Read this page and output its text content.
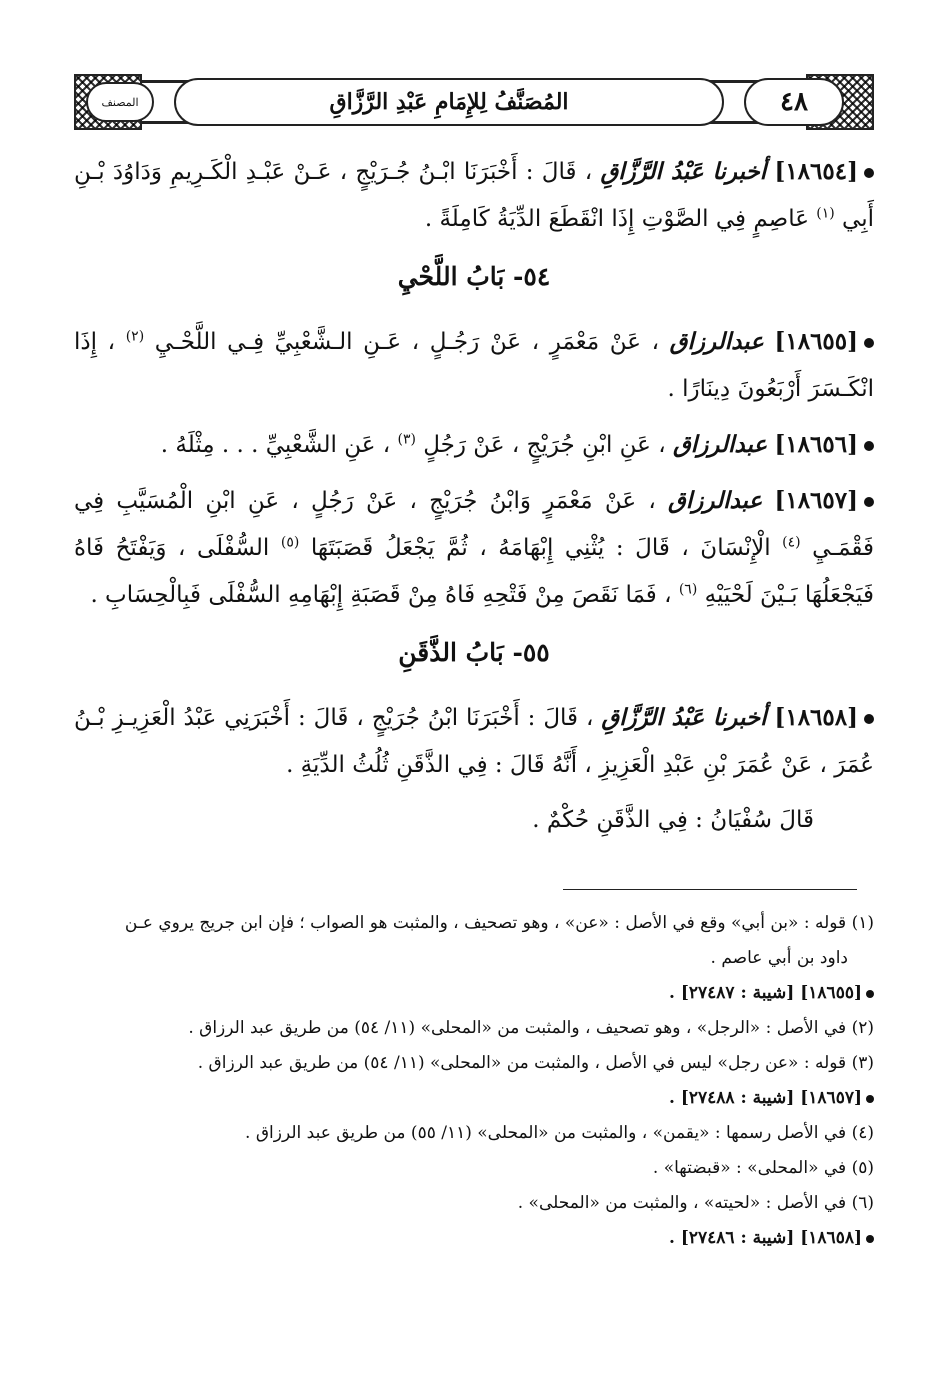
المصنف	المُصَنَّفُ لِلإِمَامِ عَبْدِ الرَّزَّاقِ	٤٨

[١٨٦٥٤] أخبرنا عَبْدُ الرَّزَّاقِ ، قَالَ : أَخْبَرَنَا ابْـنُ جُـرَيْجٍ ، عَـنْ عَبْـدِ الْكَـرِيمِ وَدَاوُدَ بْـنِ أَبِي $^{(١)}$ عَاصِمٍ فِي الصَّوْتِ إِذَا انْقَطَعَ الدِّيَةُ كَامِلَةً .

٥٤- بَابُ اللَّحْيِ

[١٨٦٥٥] عبدالرزاق ، عَنْ مَعْمَرٍ ، عَنْ رَجُـلٍ ، عَـنِ الـشَّعْبِيِّ فِـي اللَّحْـيِ $^{(٢)}$ ، إِذَا انْكَـسَرَ أَرْبَعُونَ دِينَارًا .

[١٨٦٥٦] عبدالرزاق ، عَنِ ابْنِ جُرَيْجٍ ، عَنْ رَجُلٍ $^{(٣)}$ ، عَنِ الشَّعْبِيِّ . . . مِثْلَهُ .

[١٨٦٥٧] عبدالرزاق ، عَنْ مَعْمَرٍ وَابْنُ جُرَيْجٍ ، عَنْ رَجُلٍ ، عَنِ ابْنِ الْمُسَيَّبِ فِي فَقْمَـيِ $^{(٤)}$ الْإِنْسَانَ ، قَالَ : يُثْنِي إِبْهَامَهُ ، ثُمَّ يَجْعَلُ قَصَبَتَهَا $^{(٥)}$ السُّفْلَى ، وَيَفْتَحُ فَاهُ فَيَجْعَلُهَا بَـيْنَ لَحْيَيْهِ $^{(٦)}$ ، فَمَا نَقَصَ مِنْ فَتْحِهِ فَاهُ مِنْ قَصَبَةِ إِبْهَامِهِ السُّفْلَى فَبِالْحِسَابِ .

٥٥- بَابُ الذَّقَنِ

[١٨٦٥٨] أخبرنا عَبْدُ الرَّزَّاقِ ، قَالَ : أَخْبَرَنَا ابْنُ جُرَيْجٍ ، قَالَ : أَخْبَرَنِي عَبْدُ الْعَزِيـزِ بْـنُ عُمَرَ ، عَنْ عُمَرَ بْنِ عَبْدِ الْعَزِيزِ ، أَنَّهُ قَالَ : فِي الذَّقَنِ ثُلُثُ الدِّيَةِ .

قَالَ سُفْيَانُ : فِي الذَّقَنِ حُكْمٌ .

(١) قوله : «بن أبي» وقع في الأصل : «عن» ، وهو تصحيف ، والمثبت هو الصواب ؛ فإن ابن جريج يروي عـن

داود بن أبي عاصم .

[١٨٦٥٥] [شيبة : ٢٧٤٨٧] .

(٢) في الأصل : «الرجل» ، وهو تصحيف ، والمثبت من «المحلى» (١١/ ٥٤) من طريق عبد الرزاق .

(٣) قوله : «عن رجل» ليس في الأصل ، والمثبت من «المحلى» (١١/ ٥٤) من طريق عبد الرزاق .

[١٨٦٥٧] [شيبة : ٢٧٤٨٨] .

(٤) في الأصل رسمها : «يقمن» ، والمثبت من «المحلى» (١١/ ٥٥) من طريق عبد الرزاق .

(٥) في «المحلى» : «قبضتها» .

(٦) في الأصل : «لحيته» ، والمثبت من «المحلى» .

[١٨٦٥٨] [شيبة : ٢٧٤٨٦] .
